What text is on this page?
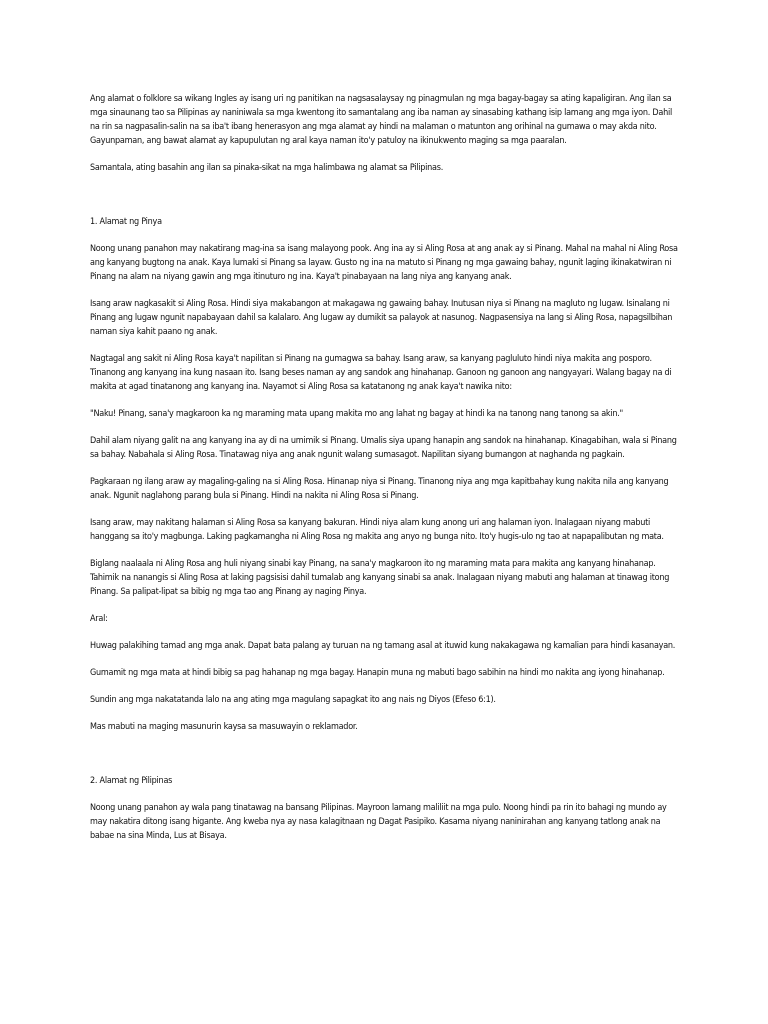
Ang alamat o folklore sa wikang Ingles ay isang uri ng panitikan na nagsasalaysay ng pinagmulan ng mga bagay-bagay sa ating kapaligiran. Ang ilan sa mga sinaunang tao sa Pilipinas ay naniniwala sa mga kwentong ito samantalang ang iba naman ay sinasabing kathang isip lamang ang mga iyon. Dahil na rin sa nagpasalin-salin na sa iba't ibang henerasyon ang mga alamat ay hindi na malaman o matunton ang orihinal na gumawa o may akda nito. Gayunpaman, ang bawat alamat ay kapupulutan ng aral kaya naman ito'y patuloy na ikinukwento maging sa mga paaralan.

Samantala, ating basahin ang ilan sa pinaka-sikat na mga halimbawa ng alamat sa Pilipinas.

1. Alamat ng Pinya

Noong unang panahon may nakatirang mag-ina sa isang malayong pook. Ang ina ay si Aling Rosa at ang anak ay si Pinang. Mahal na mahal ni Aling Rosa ang kanyang bugtong na anak. Kaya lumaki si Pinang sa layaw. Gusto ng ina na matuto si Pinang ng mga gawaing bahay, ngunit laging ikinakatwiran ni Pinang na alam na niyang gawin ang mga itinuturo ng ina. Kaya't pinabayaan na lang niya ang kanyang anak.

Isang araw nagkasakit si Aling Rosa. Hindi siya makabangon at makagawa ng gawaing bahay. Inutusan niya si Pinang na magluto ng lugaw. Isinalang ni Pinang ang lugaw ngunit napabayaan dahil sa kalalaro. Ang lugaw ay dumikit sa palayok at nasunog. Nagpasensiya na lang si Aling Rosa, napagsilbihan naman siya kahit paano ng anak.

Nagtagal ang sakit ni Aling Rosa kaya't napilitan si Pinang na gumagwa sa bahay. Isang araw, sa kanyang pagluluto hindi niya makita ang posporo. Tinanong ang kanyang ina kung nasaan ito. Isang beses naman ay ang sandok ang hinahanap. Ganoon ng ganoon ang nangyayari. Walang bagay na di makita at agad tinatanong ang kanyang ina. Nayamot si Aling Rosa sa katatanong ng anak kaya't nawika nito:

"Naku! Pinang, sana'y magkaroon ka ng maraming mata upang makita mo ang lahat ng bagay at hindi ka na tanong nang tanong sa akin."

Dahil alam niyang galit na ang kanyang ina ay di na umimik si Pinang. Umalis siya upang hanapin ang sandok na hinahanap. Kinagabihan, wala si Pinang sa bahay. Nabahala si Aling Rosa. Tinatawag niya ang anak ngunit walang sumasagot. Napilitan siyang bumangon at naghanda ng pagkain.

Pagkaraan ng ilang araw ay magaling-galing na si Aling Rosa. Hinanap niya si Pinang. Tinanong niya ang mga kapitbahay kung nakita nila ang kanyang anak. Ngunit naglahong parang bula si Pinang. Hindi na nakita ni Aling Rosa si Pinang.

Isang araw, may nakitang halaman si Aling Rosa sa kanyang bakuran. Hindi niya alam kung anong uri ang halaman iyon. Inalagaan niyang mabuti hanggang sa ito'y magbunga. Laking pagkamangha ni Aling Rosa ng makita ang anyo ng bunga nito. Ito'y hugis-ulo ng tao at napapalibutan ng mata.

Biglang naalaala ni Aling Rosa ang huli niyang sinabi kay Pinang, na sana'y magkaroon ito ng maraming mata para makita ang kanyang hinahanap. Tahimik na nanangis si Aling Rosa at laking pagsisisi dahil tumalab ang kanyang sinabi sa anak. Inalagaan niyang mabuti ang halaman at tinawag itong Pinang. Sa palipat-lipat sa bibig ng mga tao ang Pinang ay naging Pinya.

Aral:

Huwag palakihing tamad ang mga anak. Dapat bata palang ay turuan na ng tamang asal at ituwid kung nakakagawa ng kamalian para hindi kasanayan.

Gumamit ng mga mata at hindi bibig sa pag hahanap ng mga bagay. Hanapin muna ng mabuti bago sabihin na hindi mo nakita ang iyong hinahanap.

Sundin ang mga nakatatanda lalo na ang ating mga magulang sapagkat ito ang nais ng Diyos (Efeso 6:1).

Mas mabuti na maging masunurin kaysa sa masuwayin o reklamador.

2. Alamat ng Pilipinas

Noong unang panahon ay wala pang tinatawag na bansang Pilipinas. Mayroon lamang maliliit na mga pulo. Noong hindi pa rin ito bahagi ng mundo ay may nakatira ditong isang higante. Ang kweba nya ay nasa kalagitnaan ng Dagat Pasipiko. Kasama niyang naninirahan ang kanyang tatlong anak na babae na sina Minda, Lus at Bisaya.
